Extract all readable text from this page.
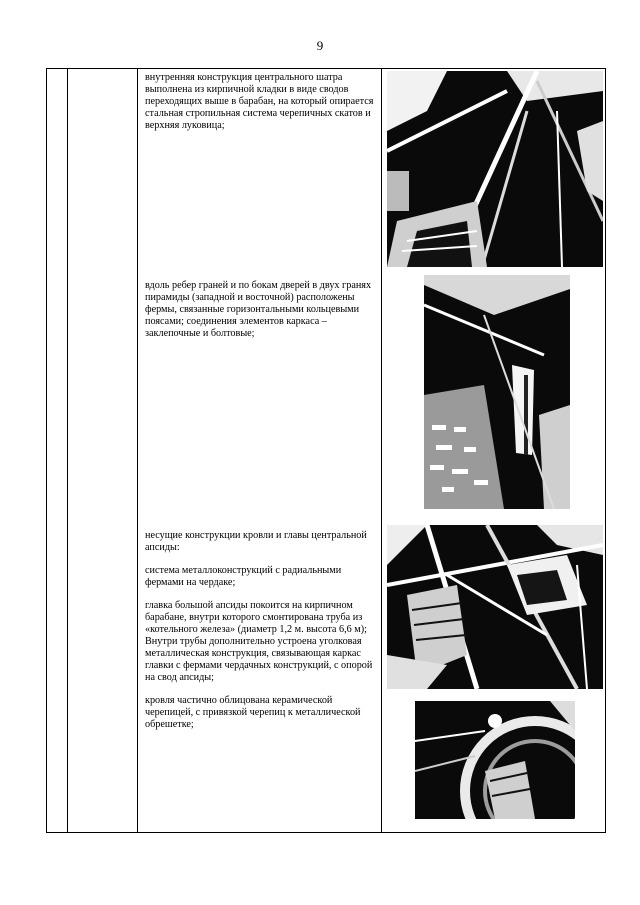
9

внутренняя конструкция центрального шатра выполнена из кирпичной кладки в виде сводов переходящих выше в барабан, на который опирается стальная стропильная система черепичных скатов и верхняя луковица;

вдоль ребер граней и по бокам дверей в двух гранях пирамиды (западной и восточной) расположены фермы, связанные горизонтальными кольцевыми поясами; соединения элементов каркаса – заклепочные и болтовые;

несущие конструкции кровли и главы центральной апсиды:

система металлоконструкций с радиальными фермами на чердаке;

главка большой апсиды покоится на кирпичном барабане, внутри которого смонтирована труба из «котельного железа» (диаметр 1,2 м. высота 6,6 м);
Внутри трубы дополнительно устроена уголковая металлическая конструкция, связывающая каркас главки с фермами чердачных конструкций, с опорой на свод апсиды;

кровля частично облицована керамической черепицей, с привязкой черепиц к металлической обрешетке;
